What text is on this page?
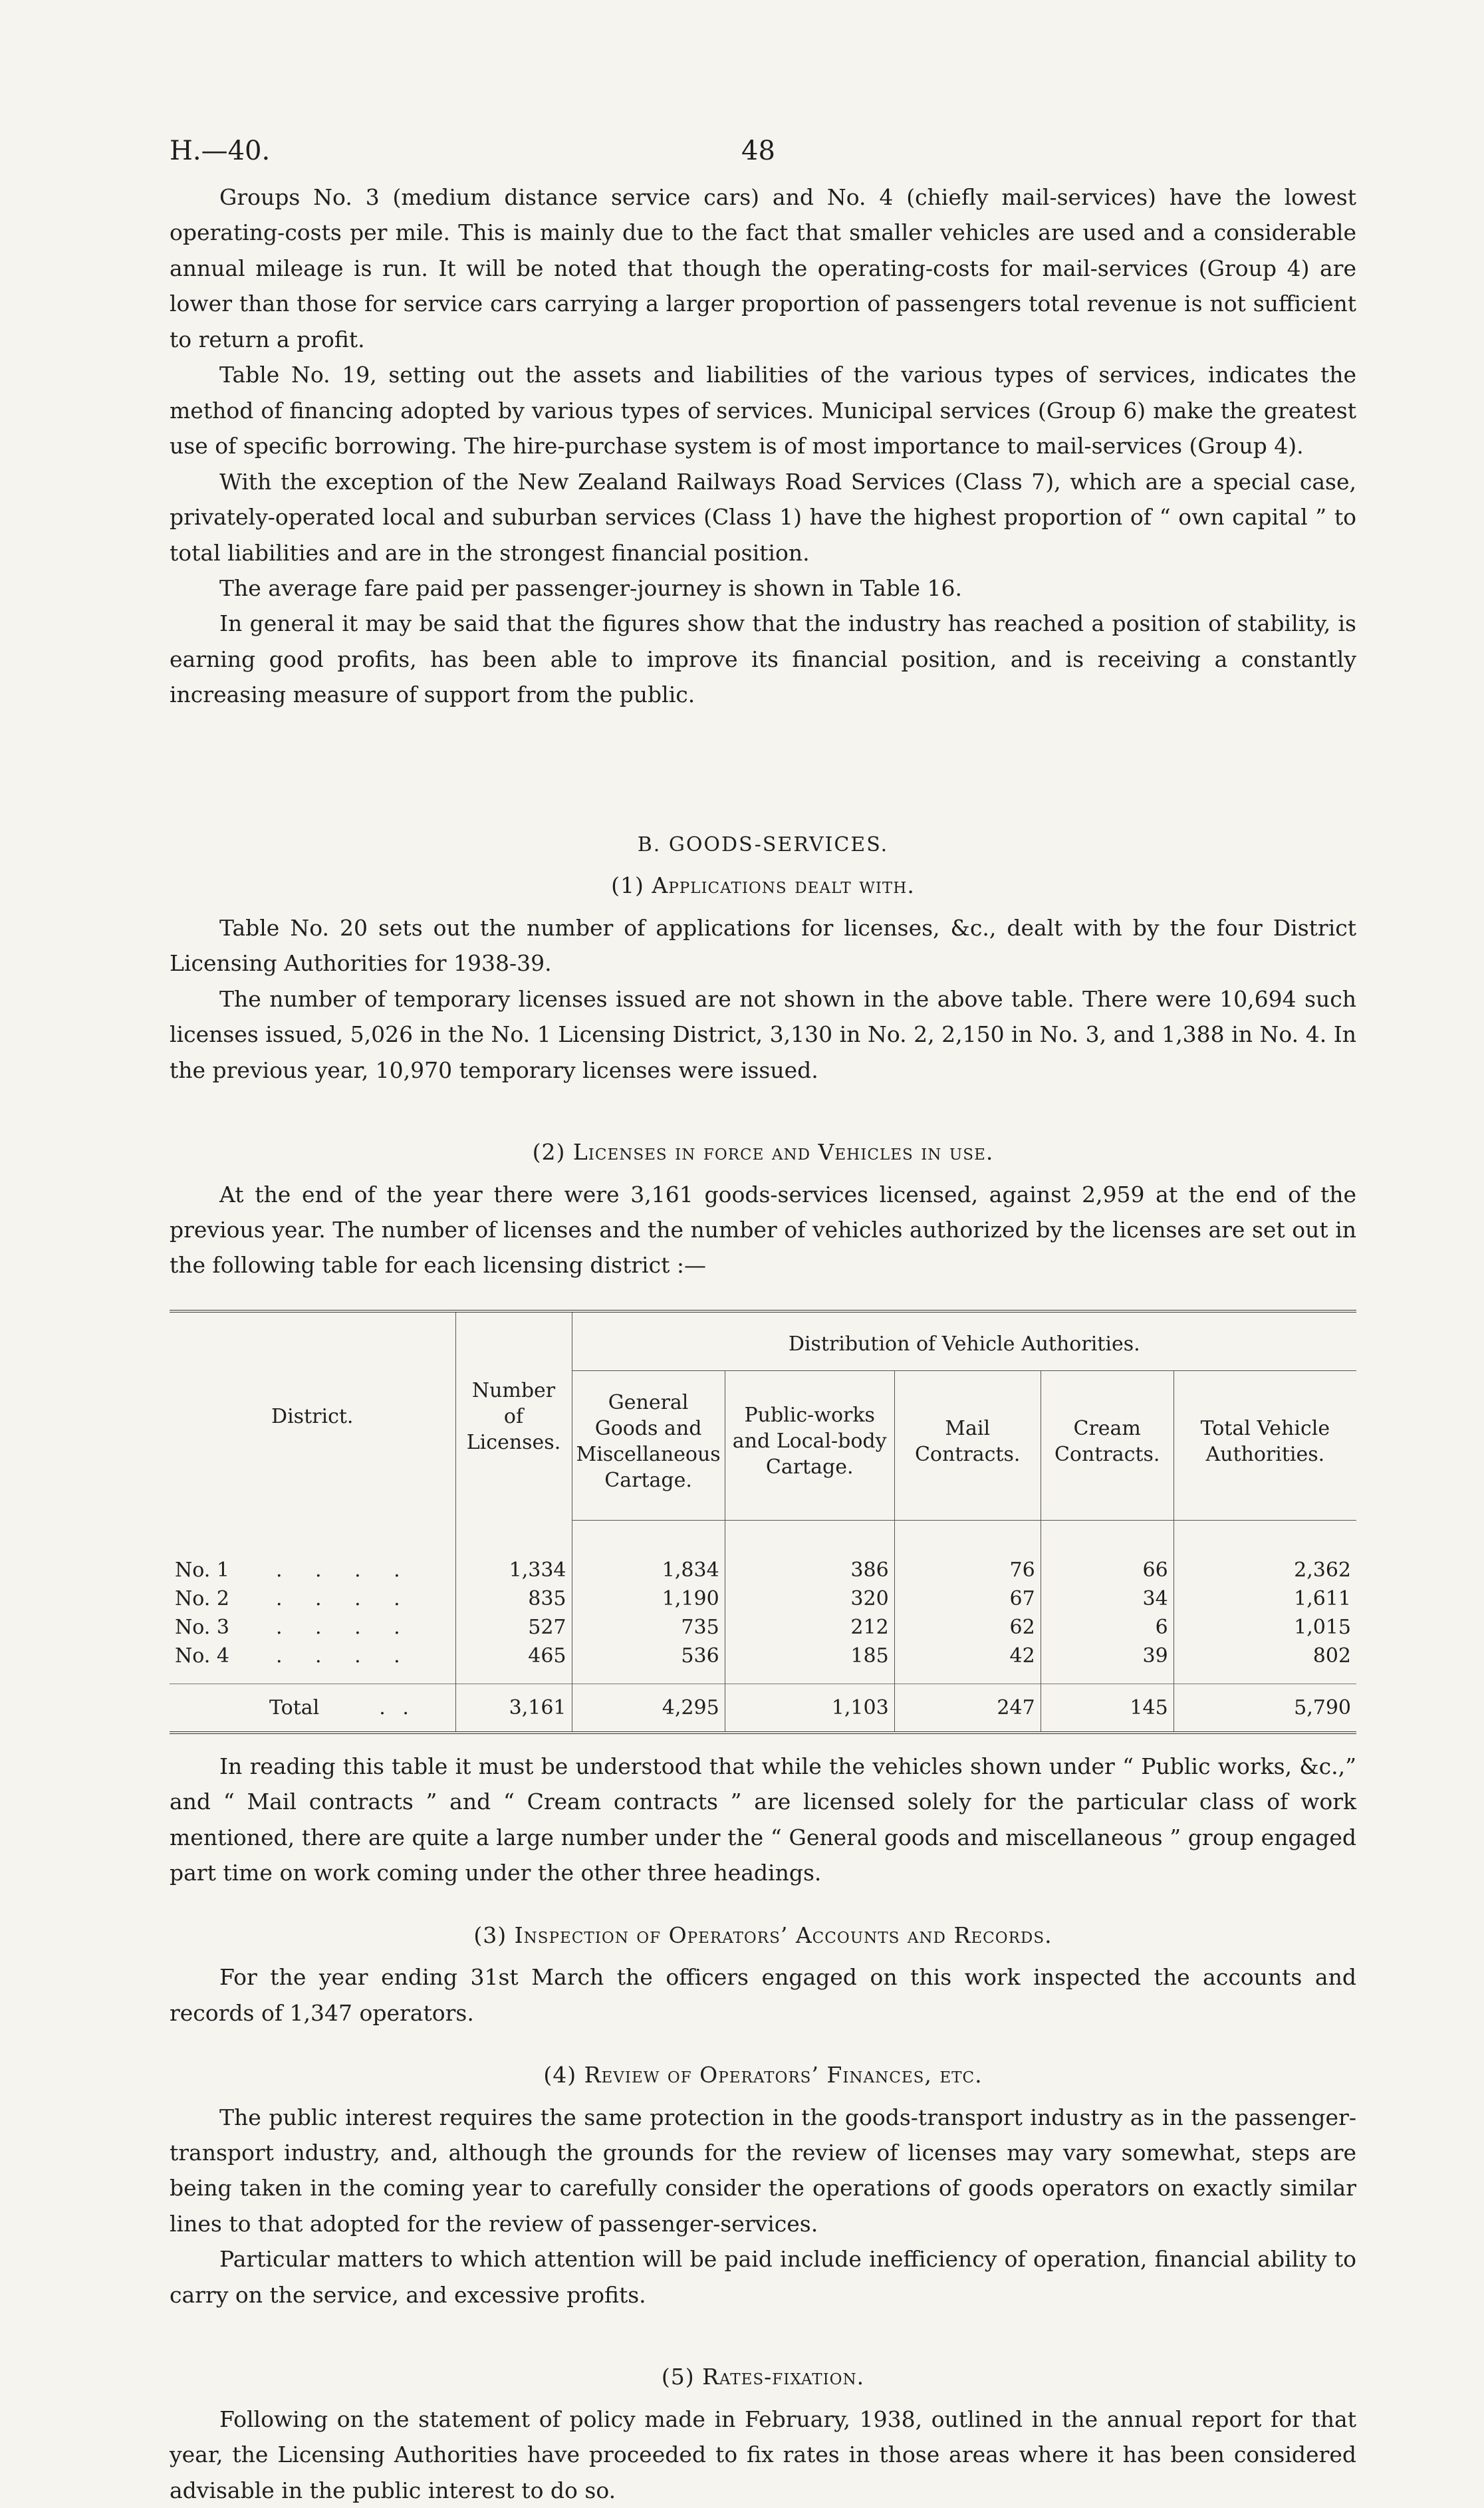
H.—40.	48

Groups No. 3 (medium distance service cars) and No. 4 (chiefly mail-services) have the lowest operating-costs per mile. This is mainly due to the fact that smaller vehicles are used and a considerable annual mileage is run. It will be noted that though the operating-costs for mail-services (Group 4) are lower than those for service cars carrying a larger proportion of passengers total revenue is not sufficient to return a profit.

Table No. 19, setting out the assets and liabilities of the various types of services, indicates the method of financing adopted by various types of services. Municipal services (Group 6) make the greatest use of specific borrowing. The hire-purchase system is of most importance to mail-services (Group 4).

With the exception of the New Zealand Railways Road Services (Class 7), which are a special case, privately-operated local and suburban services (Class 1) have the highest proportion of “ own capital ” to total liabilities and are in the strongest financial position.

The average fare paid per passenger-journey is shown in Table 16.

In general it may be said that the figures show that the industry has reached a position of stability, is earning good profits, has been able to improve its financial position, and is receiving a constantly increasing measure of support from the public.

B. GOODS-SERVICES.
(1) Applications dealt with.

Table No. 20 sets out the number of applications for licenses, &c., dealt with by the four District Licensing Authorities for 1938-39.

The number of temporary licenses issued are not shown in the above table. There were 10,694 such licenses issued, 5,026 in the No. 1 Licensing District, 3,130 in No. 2, 2,150 in No. 3, and 1,388 in No. 4. In the previous year, 10,970 temporary licenses were issued.

(2) Licenses in force and Vehicles in use.

At the end of the year there were 3,161 goods-services licensed, against 2,959 at the end of the previous year. The number of licenses and the number of vehicles authorized by the licenses are set out in the following table for each licensing district :—

District.	Number of Licenses.	Distribution of Vehicle Authorities.				
		General Goods and Miscellaneous Cartage.	Public-works and Local-body Cartage.	Mail Contracts.	Cream Contracts.	Total Vehicle Authorities.
No. 1 . . . .	1,334	1,834	386	76	66	2,362
No. 2 . . . .	835	1,190	320	67	34	1,611
No. 3 . . . .	527	735	212	62	6	1,015
No. 4 . . . .	465	536	185	42	39	802

Total . .	3,161	4,295	1,103	247	145	5,790

In reading this table it must be understood that while the vehicles shown under “ Public works, &c.,” and “ Mail contracts ” and “ Cream contracts ” are licensed solely for the particular class of work mentioned, there are quite a large number under the “ General goods and miscellaneous ” group engaged part time on work coming under the other three headings.

(3) Inspection of Operators’ Accounts and Records.

For the year ending 31st March the officers engaged on this work inspected the accounts and records of 1,347 operators.

(4) Review of Operators’ Finances, etc.

The public interest requires the same protection in the goods-transport industry as in the passenger-transport industry, and, although the grounds for the review of licenses may vary somewhat, steps are being taken in the coming year to carefully consider the operations of goods operators on exactly similar lines to that adopted for the review of passenger-services.

Particular matters to which attention will be paid include inefficiency of operation, financial ability to carry on the service, and excessive profits.

(5) Rates-fixation.

Following on the statement of policy made in February, 1938, outlined in the annual report for that year, the Licensing Authorities have proceeded to fix rates in those areas where it has been considered advisable in the public interest to do so.
